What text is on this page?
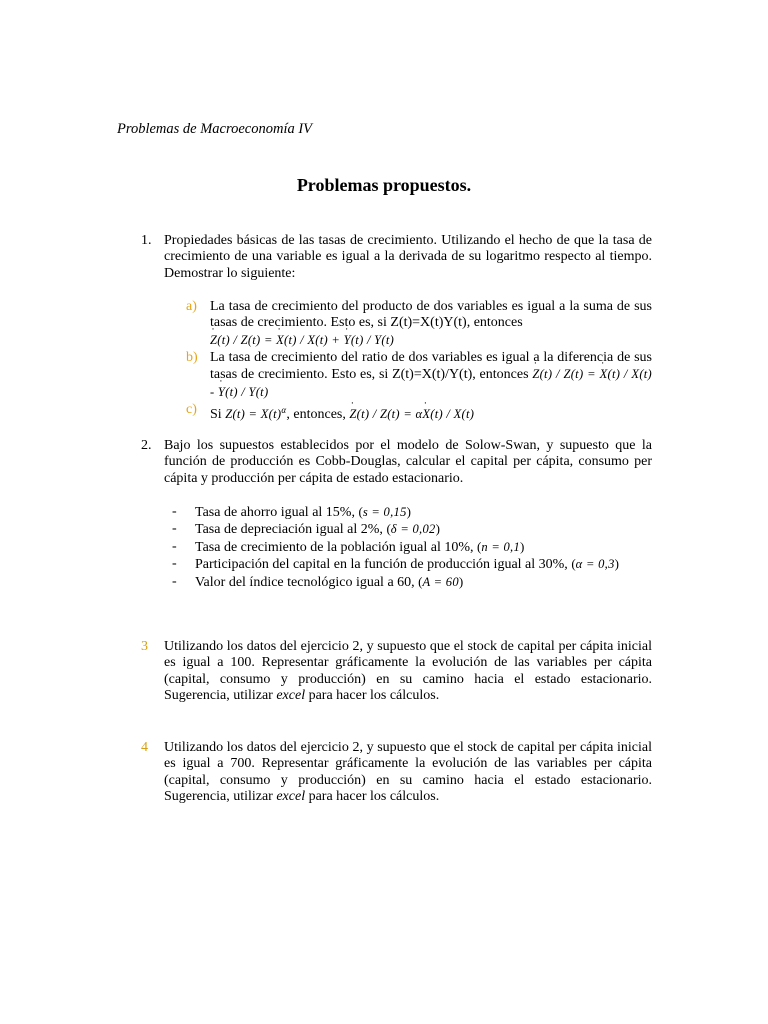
Problemas de Macroeconomía IV
Problemas propuestos.
1. Propiedades básicas de las tasas de crecimiento. Utilizando el hecho de que la tasa de crecimiento de una variable es igual a la derivada de su logaritmo respecto al tiempo. Demostrar lo siguiente:
a) La tasa de crecimiento del producto de dos variables es igual a la suma de sus tasas de crecimiento. Esto es, si Z(t)=X(t)Y(t), entonces
˙ Z(t) / Z(t) = ˙ X(t) / X(t) + ˙ Y(t) / Y(t)
b) La tasa de crecimiento del ratio de dos variables es igual a la diferencia de sus tasas de crecimiento. Esto es, si Z(t)=X(t)/Y(t), entonces ˙ Z(t) / Z(t) = ˙ X(t) / X(t) - ˙ Y(t) / Y(t)
c) Si $Z(t) = X(t)^\alpha$, entonces, ˙ Z(t) / Z(t) = α˙ X(t) / X(t)
2. Bajo los supuestos establecidos por el modelo de Solow-Swan, y supuesto que la función de producción es Cobb-Douglas, calcular el capital per cápita, consumo per cápita y producción per cápita de estado estacionario.
- Tasa de ahorro igual al 15%, (s = 0,15)
- Tasa de depreciación igual al 2%, (δ = 0,02)
- Tasa de crecimiento de la población igual al 10%, (n = 0,1)
- Participación del capital en la función de producción igual al 30%, (α = 0,3)
- Valor del índice tecnológico igual a 60, (A = 60)
3 Utilizando los datos del ejercicio 2, y supuesto que el stock de capital per cápita inicial es igual a 100. Representar gráficamente la evolución de las variables per cápita (capital, consumo y producción) en su camino hacia el estado estacionario. Sugerencia, utilizar excel para hacer los cálculos.
4 Utilizando los datos del ejercicio 2, y supuesto que el stock de capital per cápita inicial es igual a 700. Representar gráficamente la evolución de las variables per cápita (capital, consumo y producción) en su camino hacia el estado estacionario. Sugerencia, utilizar excel para hacer los cálculos.
